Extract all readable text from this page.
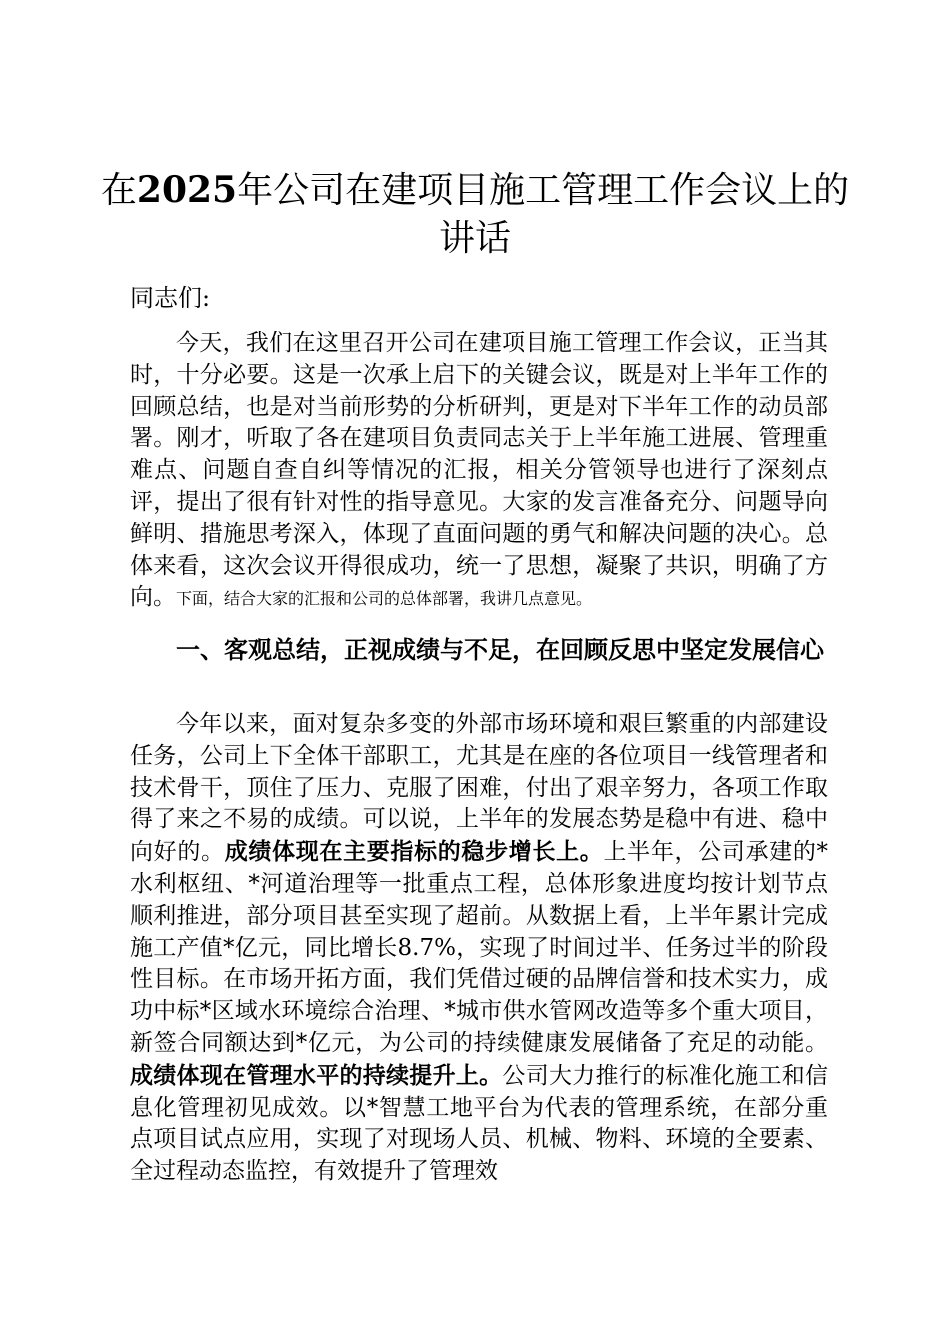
在2025年公司在建项目施工管理工作会议上的讲话

同志们:

今天，我们在这里召开公司在建项目施工管理工作会议，正当其时，十分必要。这是一次承上启下的关键会议，既是对上半年工作的回顾总结，也是对当前形势的分析研判，更是对下半年工作的动员部署。刚才，听取了各在建项目负责同志关于上半年施工进展、管理重难点、问题自查自纠等情况的汇报，相关分管领导也进行了深刻点评，提出了很有针对性的指导意见。大家的发言准备充分、问题导向鲜明、措施思考深入，体现了直面问题的勇气和解决问题的决心。总体来看，这次会议开得很成功，统一了思想，凝聚了共识，明确了方向。下面，结合大家的汇报和公司的总体部署，我讲几点意见。

一、客观总结，正视成绩与不足，在回顾反思中坚定发展信心

今年以来，面对复杂多变的外部市场环境和艰巨繁重的内部建设任务，公司上下全体干部职工，尤其是在座的各位项目一线管理者和技术骨干，顶住了压力、克服了困难，付出了艰辛努力，各项工作取得了来之不易的成绩。可以说，上半年的发展态势是稳中有进、稳中向好的。成绩体现在主要指标的稳步增长上。上半年，公司承建的*水利枢纽、*河道治理等一批重点工程，总体形象进度均按计划节点顺利推进，部分项目甚至实现了超前。从数据上看，上半年累计完成施工产值*亿元，同比增长8.7%，实现了时间过半、任务过半的阶段性目标。在市场开拓方面，我们凭借过硬的品牌信誉和技术实力，成功中标*区域水环境综合治理、*城市供水管网改造等多个重大项目，新签合同额达到*亿元，为公司的持续健康发展储备了充足的动能。成绩体现在管理水平的持续提升上。公司大力推行的标准化施工和信息化管理初见成效。以*智慧工地平台为代表的管理系统，在部分重点项目试点应用，实现了对现场人员、机械、物料、环境的全要素、全过程动态监控，有效提升了管理效
